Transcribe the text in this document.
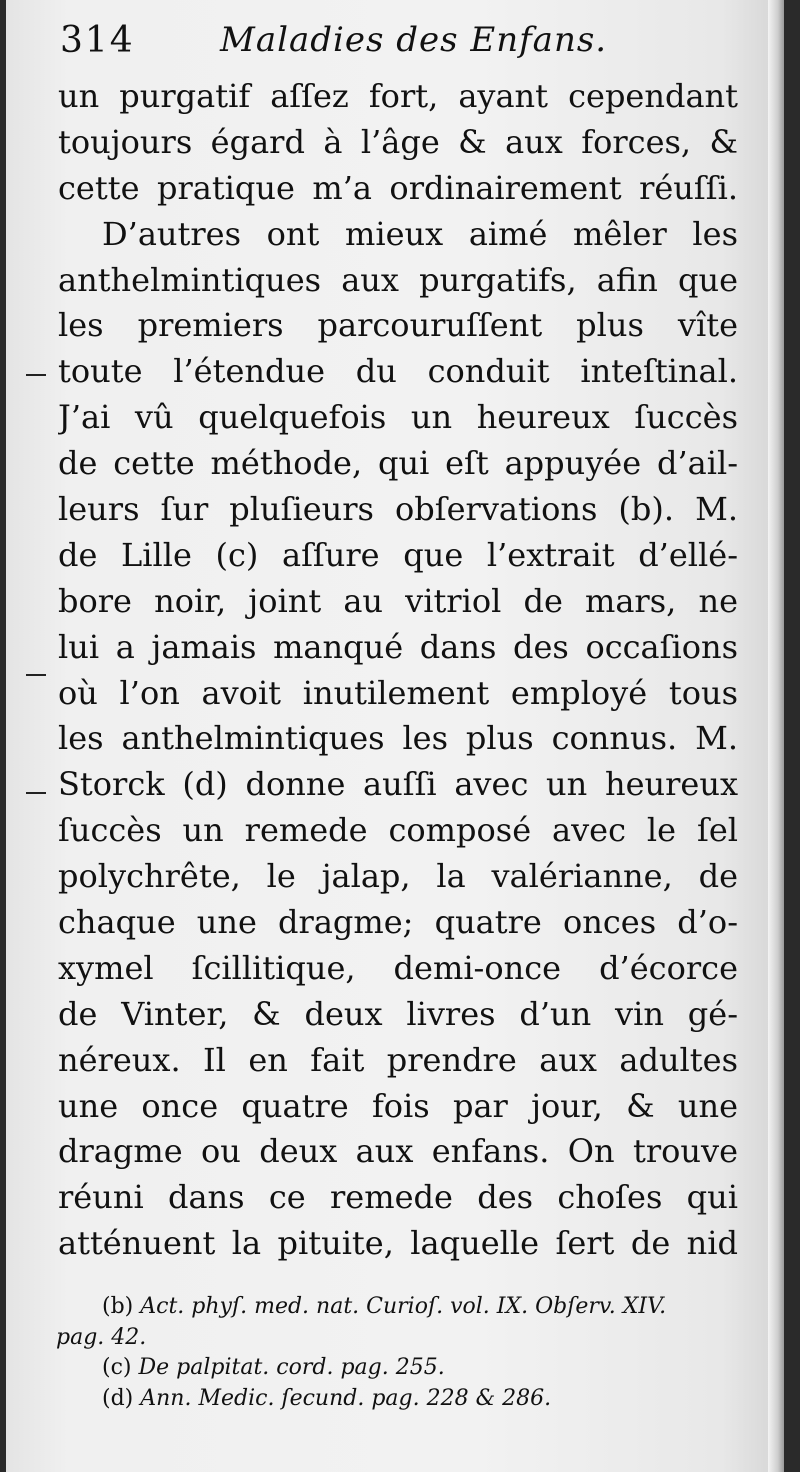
314	Maladies des Enfans.
un purgatif aſſez fort, ayant cependant
toujours égard à l’âge & aux forces, &
cette pratique m’a ordinairement réuſſi.
D’autres ont mieux aimé mêler les
anthelmintiques aux purgatifs, afin que
les premiers parcouruſſent plus vîte
toute l’étendue du conduit inteſtinal.
J’ai vû quelquefois un heureux ſuccès
de cette méthode, qui eſt appuyée d’ail-
leurs ſur pluſieurs obſervations (b). M.
de Lille (c) aſſure que l’extrait d’ellé-
bore noir, joint au vitriol de mars, ne
lui a jamais manqué dans des occaſions
où l’on avoit inutilement employé tous
les anthelmintiques les plus connus. M.
Storck (d) donne auſſi avec un heureux
ſuccès un remede composé avec le ſel
polychrête, le jalap, la valérianne, de
chaque une dragme; quatre onces d’o-
xymel ſcillitique, demi-once d’écorce
de Vinter, & deux livres d’un vin gé-
néreux. Il en fait prendre aux adultes
une once quatre fois par jour, & une
dragme ou deux aux enfans. On trouve
réuni dans ce remede des choſes qui
atténuent la pituite, laquelle ſert de nid
(b) Act. phyſ. med. nat. Curioſ. vol. IX. Obſerv. XIV.
pag. 42.
(c) De palpitat. cord. pag. 255.
(d) Ann. Medic. ſecund. pag. 228 & 286.
